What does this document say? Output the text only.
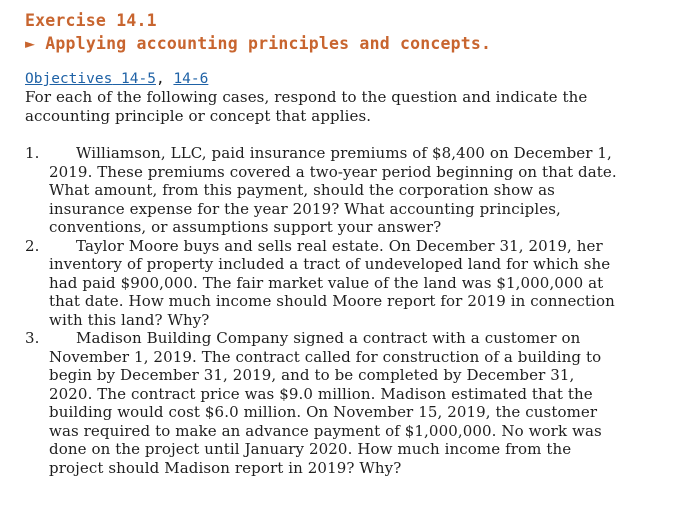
Exercise 14.1
► Applying accounting principles and concepts.
Objectives 14-5, 14-6
For each of the following cases, respond to the question and indicate the
accounting principle or concept that applies.
1.	Williamson, LLC, paid insurance premiums of $8,400 on December 1,
2019. These premiums covered a two-year period beginning on that date.
What amount, from this payment, should the corporation show as
insurance expense for the year 2019? What accounting principles,
conventions, or assumptions support your answer?
2.	Taylor Moore buys and sells real estate. On December 31, 2019, her
inventory of property included a tract of undeveloped land for which she
had paid $900,000. The fair market value of the land was $1,000,000 at
that date. How much income should Moore report for 2019 in connection
with this land? Why?
3.	Madison Building Company signed a contract with a customer on
November 1, 2019. The contract called for construction of a building to
begin by December 31, 2019, and to be completed by December 31,
2020. The contract price was $9.0 million. Madison estimated that the
building would cost $6.0 million. On November 15, 2019, the customer
was required to make an advance payment of $1,000,000. No work was
done on the project until January 2020. How much income from the
project should Madison report in 2019? Why?
